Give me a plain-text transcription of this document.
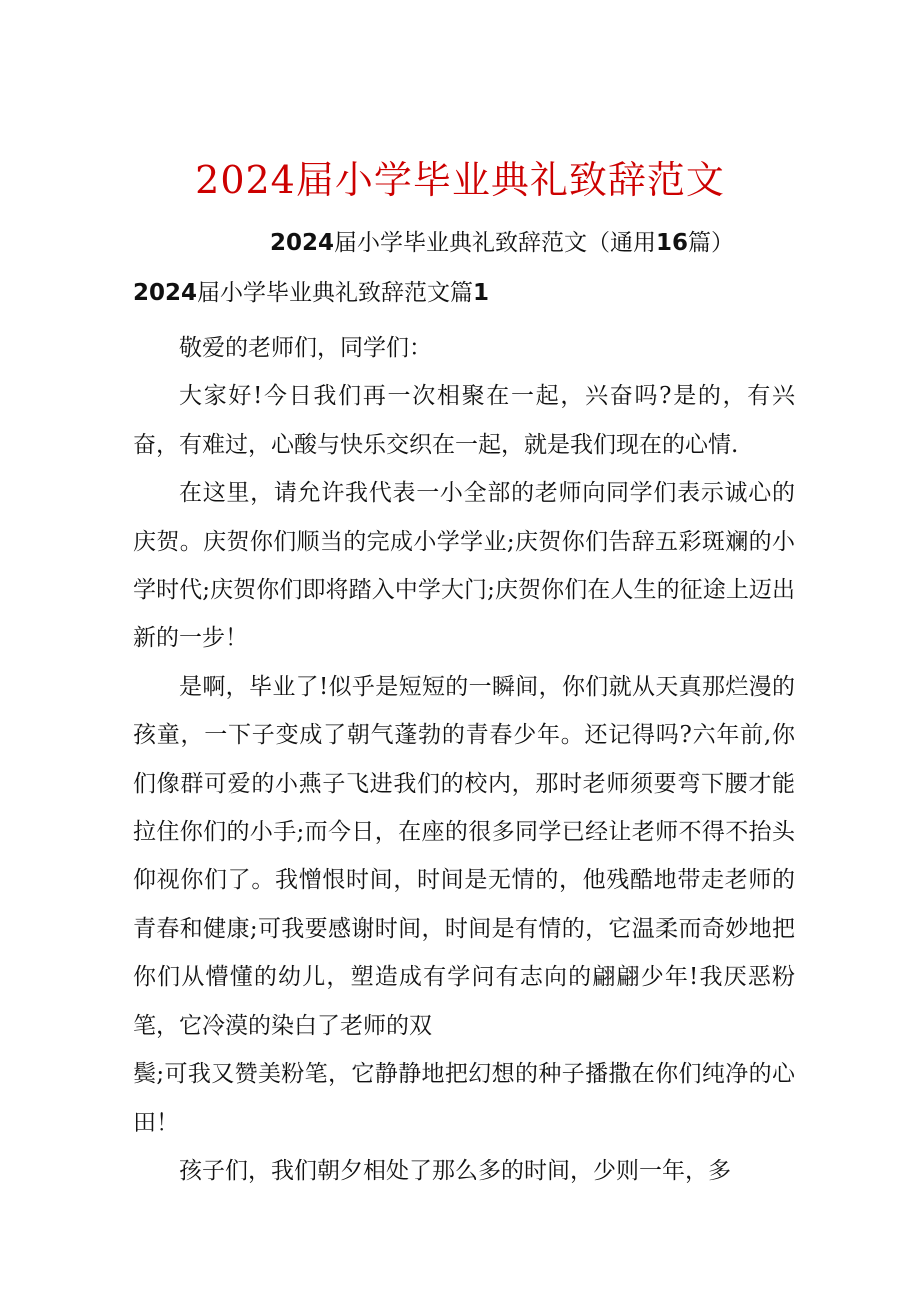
2024届小学毕业典礼致辞范文
2024届小学毕业典礼致辞范文（通用16篇）
2024届小学毕业典礼致辞范文篇1

敬爱的老师们，同学们：

大家好!今日我们再一次相聚在一起，兴奋吗?是的，有兴奋，有难过，心酸与快乐交织在一起，就是我们现在的心情.

在这里，请允许我代表一小全部的老师向同学们表示诚心的庆贺。庆贺你们顺当的完成小学学业;庆贺你们告辞五彩斑斓的小学时代;庆贺你们即将踏入中学大门;庆贺你们在人生的征途上迈出新的一步！

是啊，毕业了!似乎是短短的一瞬间，你们就从天真那烂漫的孩童，一下子变成了朝气蓬勃的青春少年。还记得吗?六年前,你们像群可爱的小燕子飞进我们的校内，那时老师须要弯下腰才能拉住你们的小手;而今日，在座的很多同学已经让老师不得不抬头仰视你们了。我憎恨时间，时间是无情的，他残酷地带走老师的青春和健康;可我要感谢时间，时间是有情的，它温柔而奇妙地把你们从懵懂的幼儿，塑造成有学问有志向的翩翩少年!我厌恶粉笔，它冷漠的染白了老师的双

鬓;可我又赞美粉笔，它静静地把幻想的种子播撒在你们纯净的心田！

孩子们，我们朝夕相处了那么多的时间，少则一年，多
